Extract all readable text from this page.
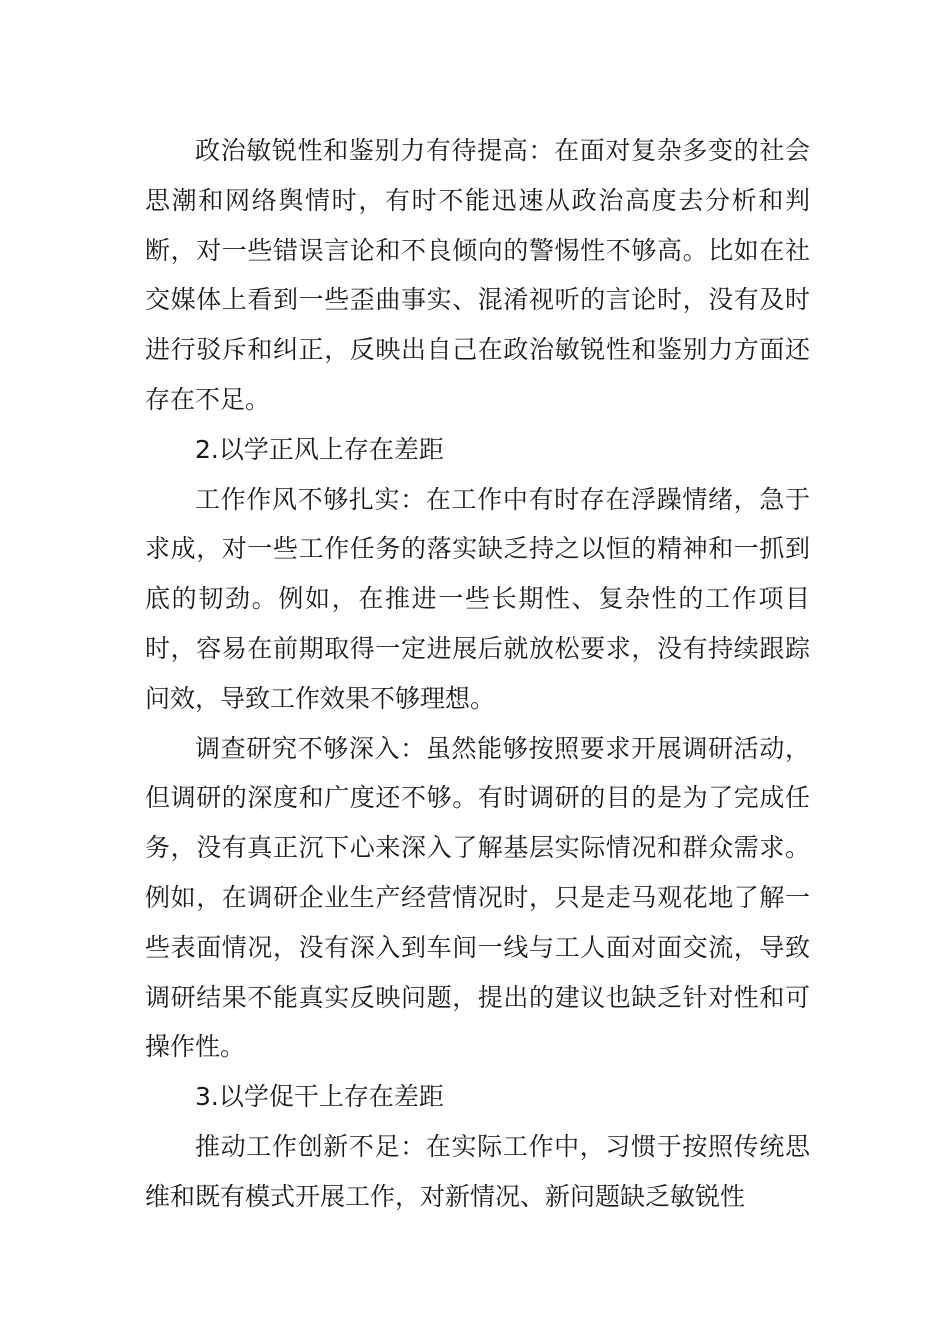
政治敏锐性和鉴别力有待提高：在面对复杂多变的社会思潮和网络舆情时，有时不能迅速从政治高度去分析和判断，对一些错误言论和不良倾向的警惕性不够高。比如在社交媒体上看到一些歪曲事实、混淆视听的言论时，没有及时进行驳斥和纠正，反映出自己在政治敏锐性和鉴别力方面还存在不足。

2.以学正风上存在差距

工作作风不够扎实：在工作中有时存在浮躁情绪，急于求成，对一些工作任务的落实缺乏持之以恒的精神和一抓到底的韧劲。例如，在推进一些长期性、复杂性的工作项目时，容易在前期取得一定进展后就放松要求，没有持续跟踪问效，导致工作效果不够理想。

调查研究不够深入：虽然能够按照要求开展调研活动，但调研的深度和广度还不够。有时调研的目的是为了完成任务，没有真正沉下心来深入了解基层实际情况和群众需求。例如，在调研企业生产经营情况时，只是走马观花地了解一些表面情况，没有深入到车间一线与工人面对面交流，导致调研结果不能真实反映问题，提出的建议也缺乏针对性和可操作性。

3.以学促干上存在差距

推动工作创新不足：在实际工作中，习惯于按照传统思维和既有模式开展工作，对新情况、新问题缺乏敏锐性
